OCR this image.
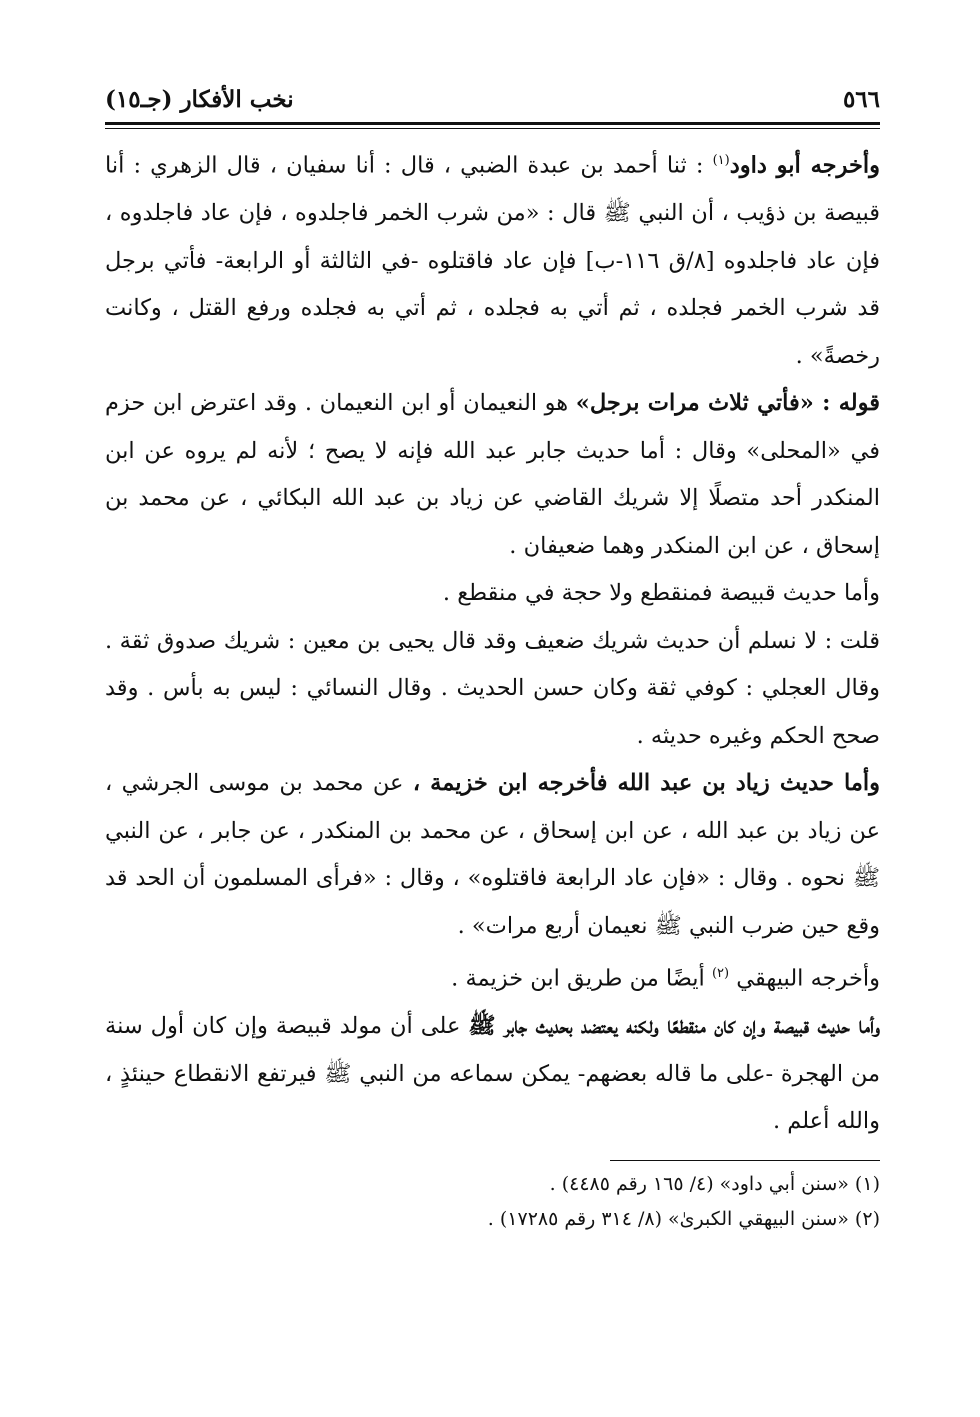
٥٦٦
نخب الأفكار (جـ١٥)

وأخرجه أبو داود$^{(١)}$ : ثنا أحمد بن عبدة الضبي ، قال : أنا سفيان ، قال الزهري : أنا قبيصة بن ذؤيب ، أن النبي ﷺ قال : «من شرب الخمر فاجلدوه ، فإن عاد فاجلدوه ، فإن عاد فاجلدوه [٨/ق ١١٦-ب] فإن عاد فاقتلوه -في الثالثة أو الرابعة- فأتي برجل قد شرب الخمر فجلده ، ثم أتي به فجلده ، ثم أتي به فجلده ورفع القتل ، وكانت رخصةً» .

قوله : «فأتي ثلاث مرات برجل» هو النعيمان أو ابن النعيمان . وقد اعترض ابن حزم في «المحلى» وقال : أما حديث جابر عبد الله فإنه لا يصح ؛ لأنه لم يروه عن ابن المنكدر أحد متصلًا إلا شريك القاضي عن زياد بن عبد الله البكائي ، عن محمد بن إسحاق ، عن ابن المنكدر وهما ضعيفان .

وأما حديث قبيصة فمنقطع ولا حجة في منقطع .

قلت : لا نسلم أن حديث شريك ضعيف وقد قال يحيى بن معين : شريك صدوق ثقة . وقال العجلي : كوفي ثقة وكان حسن الحديث . وقال النسائي : ليس به بأس . وقد صحح الحكم وغيره حديثه .

وأما حديث زياد بن عبد الله فأخرجه ابن خزيمة ، عن محمد بن موسى الجرشي ، عن زياد بن عبد الله ، عن ابن إسحاق ، عن محمد بن المنكدر ، عن جابر ، عن النبي ﷺ نحوه . وقال : «فإن عاد الرابعة فاقتلوه» ، وقال : «فرأى المسلمون أن الحد قد وقع حين ضرب النبي ﷺ نعيمان أربع مرات» .

وأخرجه البيهقي $^{(٢)}$ أيضًا من طريق ابن خزيمة .

وأما حديث قبيصة وإن كان منقطعًا ولكنه يعتضد بحديث جابر ﷺ على أن مولد قبيصة وإن كان أول سنة من الهجرة -على ما قاله بعضهم- يمكن سماعه من النبي ﷺ فيرتفع الانقطاع حينئذٍ ، والله أعلم .

(١) «سنن أبي داود» (٤/ ١٦٥ رقم ٤٤٨٥) .

(٢) «سنن البيهقي الكبرىٰ» (٨/ ٣١٤ رقم ١٧٢٨٥) .
